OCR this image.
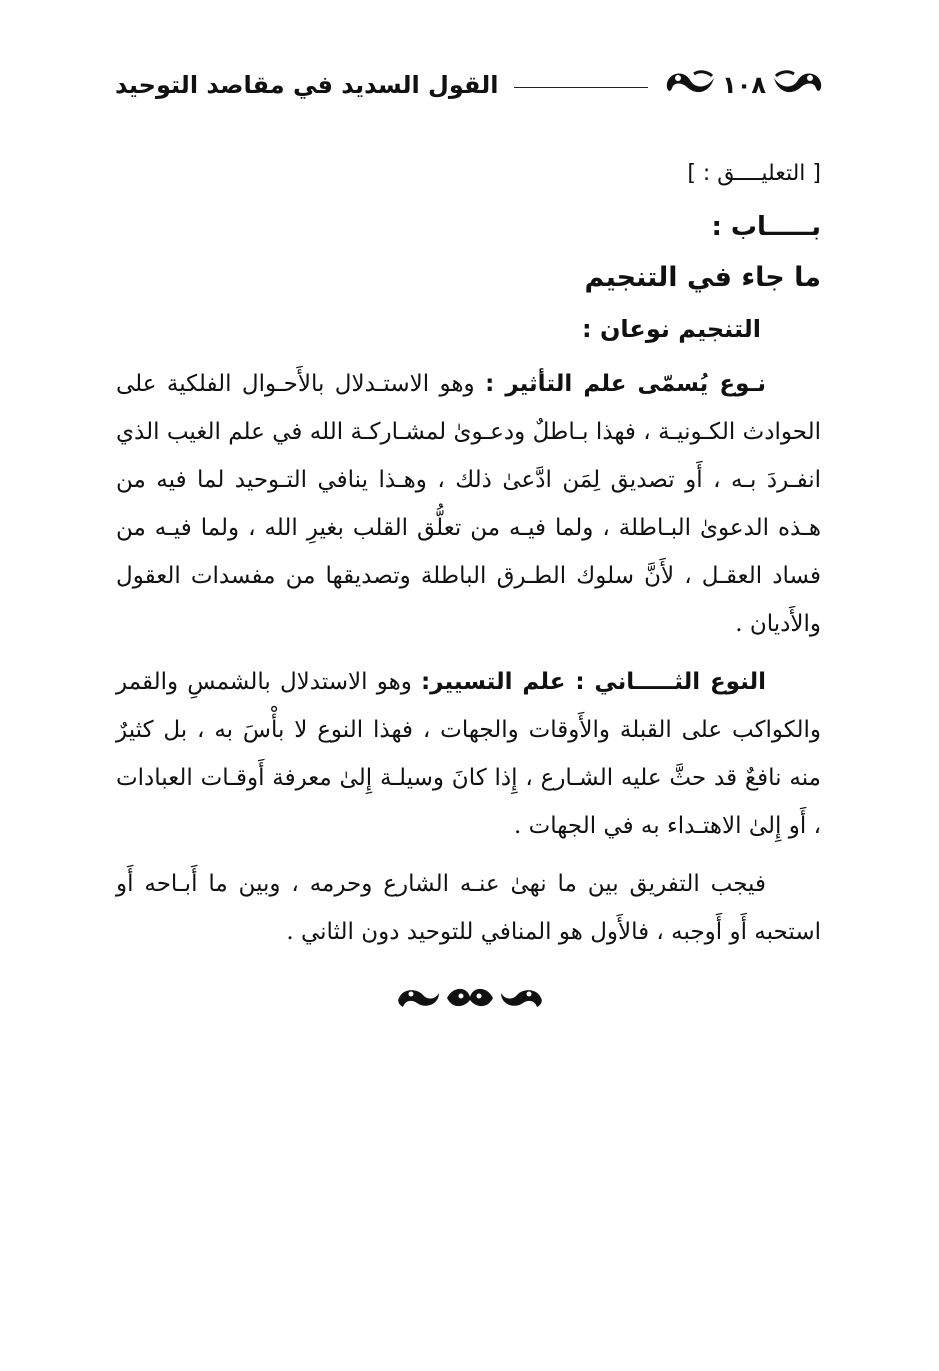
القول السديد في مقاصد التوحيد	١٠٨
[ التعليــــق : ]
بـــــاب :
ما جاء في التنجيم
التنجيم نوعان :

نـوع يُسمّى علم التأثير : وهو الاستـدلال بالأَحـوال الفلكية على الحوادث الكـونيـة ، فهذا بـاطلٌ ودعـوىٰ لمشـاركـة الله في علم الغيب الذي انفـردَ بـه ، أَو تصديق لِمَن ادَّعىٰ ذلك ، وهـذا ينافي التـوحيد لما فيه من هـذه الدعوىٰ البـاطلة ، ولما فيـه من تعلُّق القلب بغيرِ الله ، ولما فيـه من فساد العقـل ، لأَنَّ سلوك الطـرق الباطلة وتصديقها من مفسدات العقول والأَديان .

النوع الثـــــاني : علم التسيير: وهو الاستدلال بالشمسِ والقمر والكواكب على القبلة والأَوقات والجهات ، فهذا النوع لا بأْسَ به ، بل كثيرٌ منه نافعٌ قد حثَّ عليه الشـارع ، إِذا كانَ وسيلـة إِلىٰ معرفة أَوقـات العبادات ، أَو إِلىٰ الاهتـداء به في الجهات .

فيجب التفريق بين ما نهىٰ عنـه الشارع وحرمه ، وبين ما أَبـاحه أَو استحبه أَو أَوجبه ، فالأَول هو المنافي للتوحيد دون الثاني .
